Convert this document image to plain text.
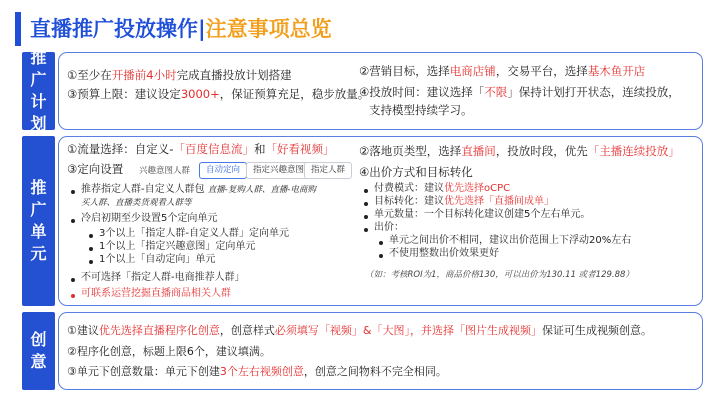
直播推广投放操作|注意事项总览
推广计划
①至少在开播前4小时完成直播投放计划搭建
③预算上限：建议设定3000+，保证预算充足，稳步放量。
②营销目标，选择电商店铺，交易平台，选择基木鱼开店
④投放时间：建议选择「不限」保持计划打开状态，连续投放，
支持模型持续学习。
推广单元
①流量选择：自定义-「百度信息流」和「好看视频」
③定向设置 兴趣意图人群	自动定向	指定兴趣意图 指定人群
推荐指定人群-自定义人群包 直播-复购人群、直播-电商购
买人群、直播类货观看人群等
冷启初期至少设置5个定向单元
3个以上「指定人群-自定义人群」定向单元
1个以上「指定兴趣意图」定向单元
1个以上「自动定向」单元
不可选择「指定人群-电商推荐人群」
可联系运营挖掘直播商品相关人群
②落地页类型，选择直播间，投放时段，优先「主播连续投放」
④出价方式和目标转化
付费模式：建议优先选择oCPC
目标转化：建议优先选择「直播间成单」
单元数量：一个目标转化建议创建5个左右单元。
出价：
单元之间出价不相同，建议出价范围上下浮动20%左右
不使用整数出价效果更好
（如：考核ROI为1，商品价格130，可以出价为130.11 或者129.88）
创意
①建议优先选择直播程序化创意，创意样式必须填写「视频」&「大图」，并选择「图片生成视频」保证可生成视频创意。
②程序化创意，标题上限6个，建议填满。
③单元下创意数量：单元下创建3个左右视频创意，创意之间物料不完全相同。
